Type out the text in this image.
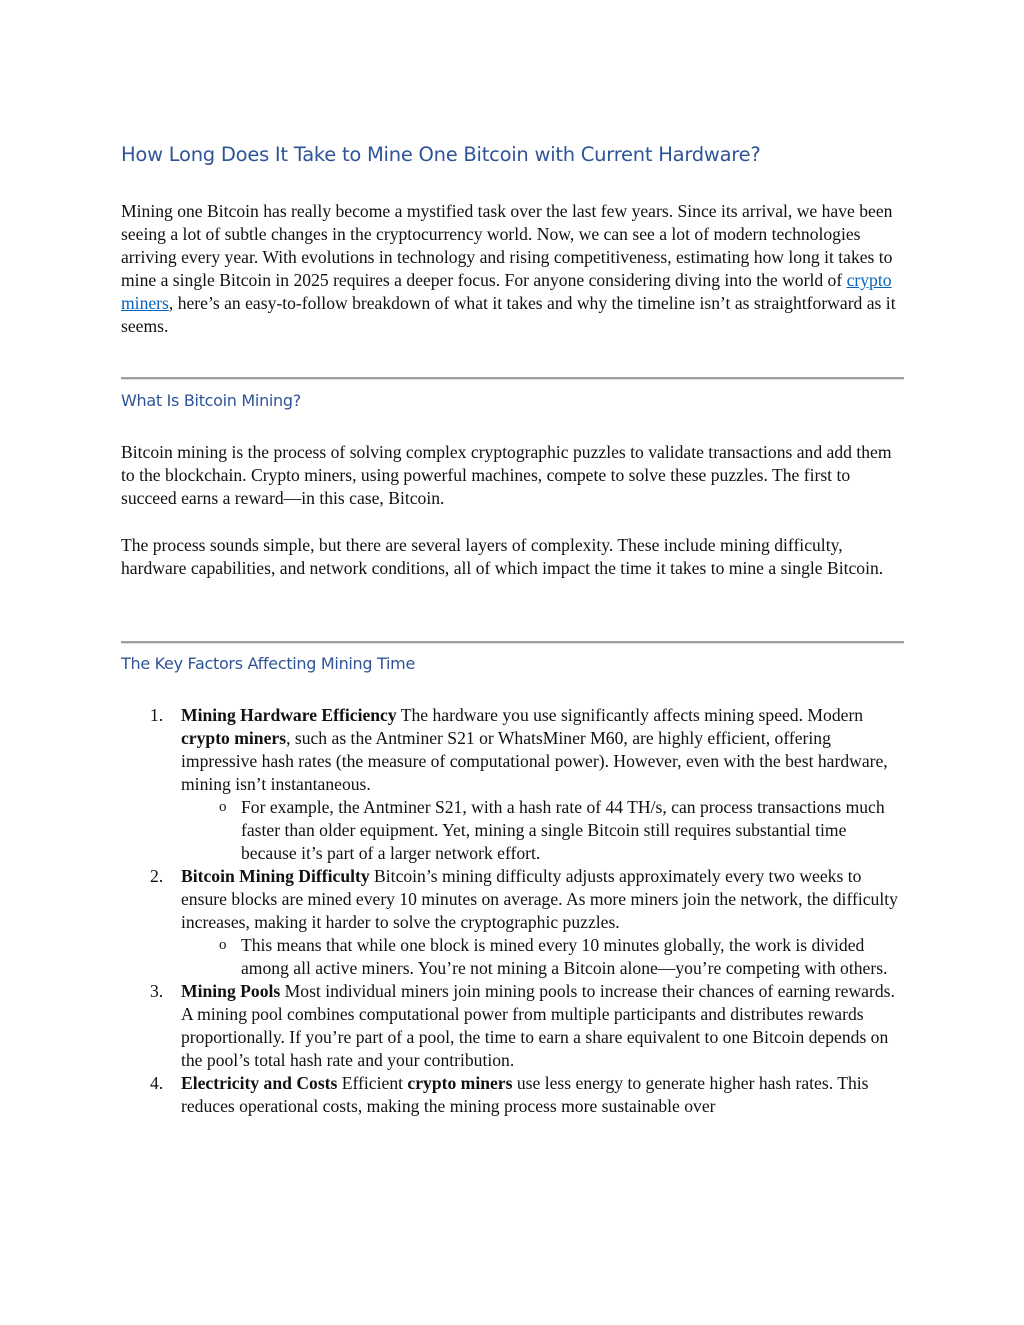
How Long Does It Take to Mine One Bitcoin with Current Hardware?

Mining one Bitcoin has really become a mystified task over the last few years. Since its arrival, we have been seeing a lot of subtle changes in the cryptocurrency world. Now, we can see a lot of modern technologies arriving every year. With evolutions in technology and rising competitiveness, estimating how long it takes to mine a single Bitcoin in 2025 requires a deeper focus. For anyone considering diving into the world of crypto miners, here’s an easy-to-follow breakdown of what it takes and why the timeline isn’t as straightforward as it seems.

What Is Bitcoin Mining?

Bitcoin mining is the process of solving complex cryptographic puzzles to validate transactions and add them to the blockchain. Crypto miners, using powerful machines, compete to solve these puzzles. The first to succeed earns a reward—in this case, Bitcoin.

The process sounds simple, but there are several layers of complexity. These include mining difficulty, hardware capabilities, and network conditions, all of which impact the time it takes to mine a single Bitcoin.

The Key Factors Affecting Mining Time
1. Mining Hardware Efficiency The hardware you use significantly affects mining speed. Modern crypto miners, such as the Antminer S21 or WhatsMiner M60, are highly efficient, offering impressive hash rates (the measure of computational power). However, even with the best hardware, mining isn’t instantaneous.
o For example, the Antminer S21, with a hash rate of 44 TH/s, can process transactions much faster than older equipment. Yet, mining a single Bitcoin still requires substantial time because it’s part of a larger network effort.
2. Bitcoin Mining Difficulty Bitcoin’s mining difficulty adjusts approximately every two weeks to ensure blocks are mined every 10 minutes on average. As more miners join the network, the difficulty increases, making it harder to solve the cryptographic puzzles.
o This means that while one block is mined every 10 minutes globally, the work is divided among all active miners. You’re not mining a Bitcoin alone—you’re competing with others.
3. Mining Pools Most individual miners join mining pools to increase their chances of earning rewards. A mining pool combines computational power from multiple participants and distributes rewards proportionally. If you’re part of a pool, the time to earn a share equivalent to one Bitcoin depends on the pool’s total hash rate and your contribution.
4. Electricity and Costs Efficient crypto miners use less energy to generate higher hash rates. This reduces operational costs, making the mining process more sustainable over
